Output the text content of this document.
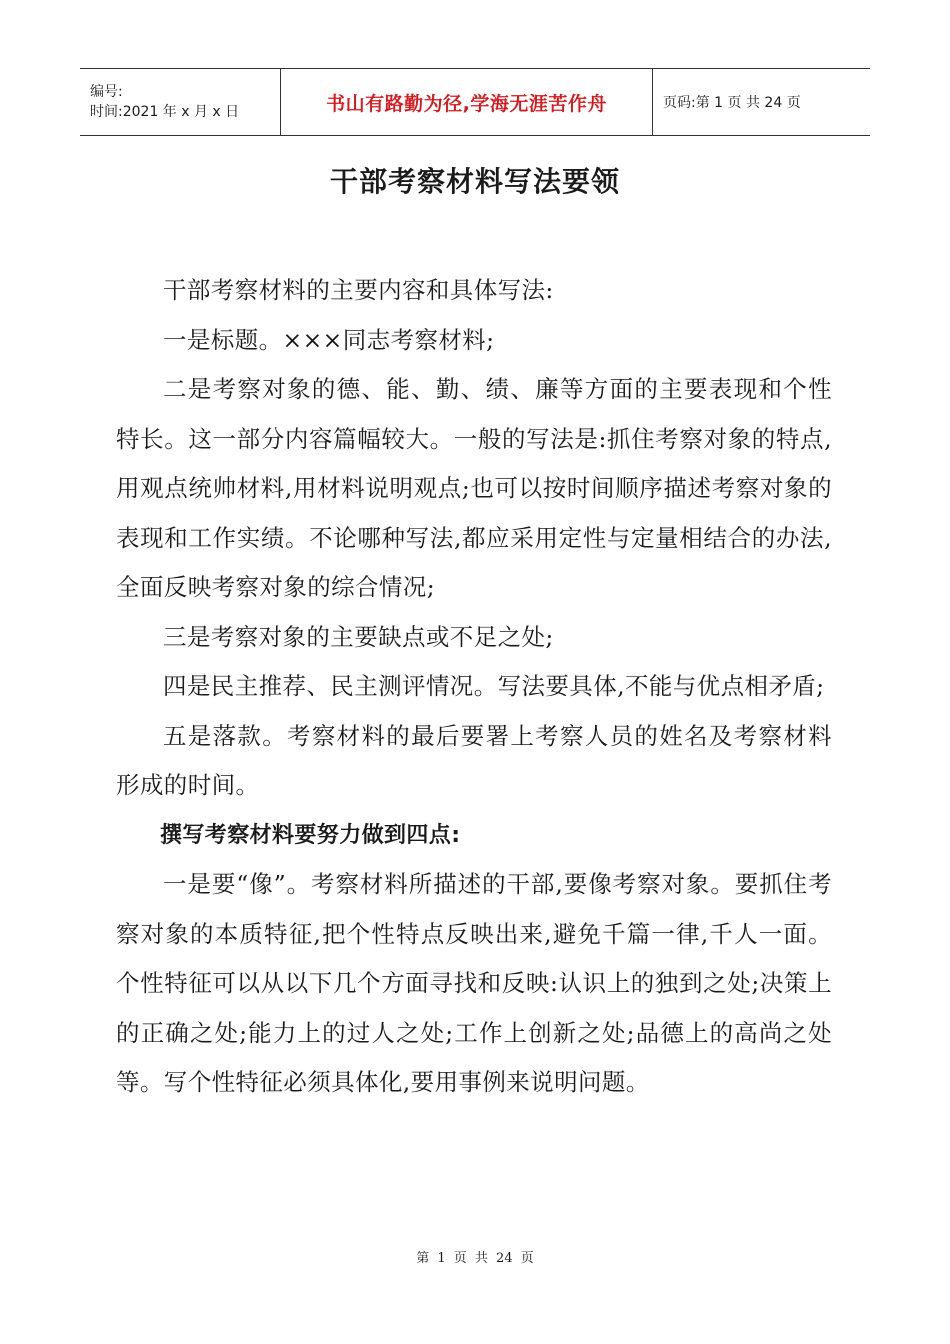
编号:
时间:2021 年 x 月 x 日	书山有路勤为径,学海无涯苦作舟	页码:第 1 页 共 24 页
干部考察材料写法要领

干部考察材料的主要内容和具体写法:

一是标题。×××同志考察材料;

二是考察对象的德、能、勤、绩、廉等方面的主要表现和个性特长。这一部分内容篇幅较大。一般的写法是:抓住考察对象的特点,用观点统帅材料,用材料说明观点;也可以按时间顺序描述考察对象的表现和工作实绩。不论哪种写法,都应采用定性与定量相结合的办法,全面反映考察对象的综合情况;

三是考察对象的主要缺点或不足之处;

四是民主推荐、民主测评情况。写法要具体,不能与优点相矛盾;

五是落款。考察材料的最后要署上考察人员的姓名及考察材料形成的时间。

撰写考察材料要努力做到四点:

一是要“像”。考察材料所描述的干部,要像考察对象。要抓住考察对象的本质特征,把个性特点反映出来,避免千篇一律,千人一面。个性特征可以从以下几个方面寻找和反映:认识上的独到之处;决策上的正确之处;能力上的过人之处;工作上创新之处;品德上的高尚之处等。写个性特征必须具体化,要用事例来说明问题。

第 1 页 共 24 页
